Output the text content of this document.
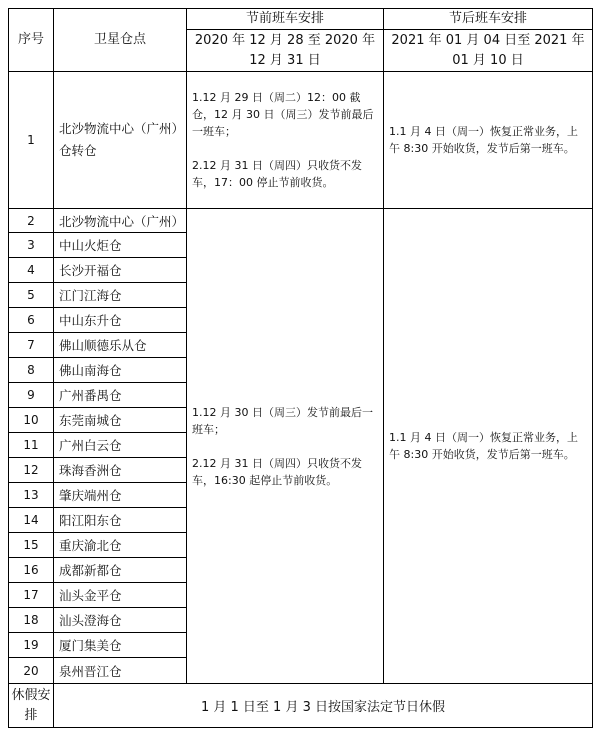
序号	卫星仓点	节前班车安排	节后班车安排
		2020 年 12 月 28 至 2020 年 12 月 31 日	2021 年 01 月 04 日至 2021 年 01 月 10 日
1	北沙物流中心（广州）仓转仓	1.12 月 29 日（周二）12：00 截仓，12 月 30 日（周三）发节前最后一班车；

2.12 月 31 日（周四）只收货不发车，17：00 停止节前收货。	1.1 月 4 日（周一）恢复正常业务，上午 8:30 开始收货，发节后第一班车。
2	北沙物流中心（广州）	1.12 月 30 日（周三）发节前最后一班车；

2.12 月 31 日（周四）只收货不发车，16:30 起停止节前收货。	1.1 月 4 日（周一）恢复正常业务，上午 8:30 开始收货，发节后第一班车。
3	中山火炬仓		
4	长沙开福仓		
5	江门江海仓		
6	中山东升仓		
7	佛山顺德乐从仓		
8	佛山南海仓		
9	广州番禺仓		
10	东莞南城仓		
11	广州白云仓		
12	珠海香洲仓		
13	肇庆端州仓		
14	阳江阳东仓		
15	重庆渝北仓		
16	成都新都仓		
17	汕头金平仓		
18	汕头澄海仓		
19	厦门集美仓		
20	泉州晋江仓		
休假安排	1 月 1 日至 1 月 3 日按国家法定节日休假		
